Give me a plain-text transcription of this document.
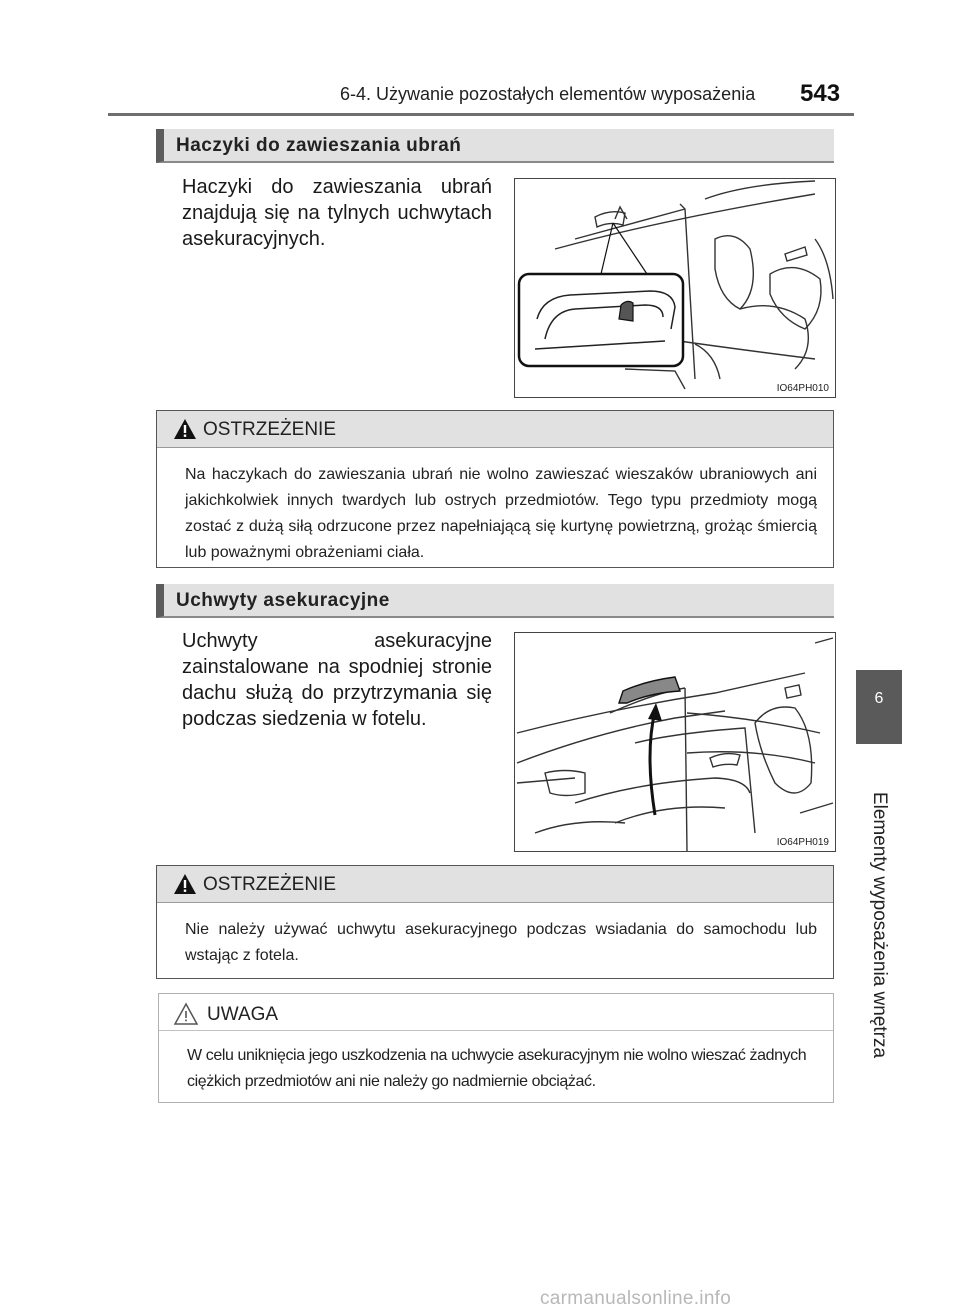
6-4. Używanie pozostałych elementów wyposażenia 543
6
Elementy wyposażenia wnętrza
Haczyki do zawieszania ubrań
Haczyki do zawieszania ubrań znajdują się na tylnych uchwytach asekuracyjnych.
IO64PH010
OSTRZEŻENIE
Na haczykach do zawieszania ubrań nie wolno zawieszać wieszaków ubraniowych ani jakichkolwiek innych twardych lub ostrych przedmiotów. Tego typu przedmioty mogą zostać z dużą siłą odrzucone przez napełniającą się kurtynę powietrzną, grożąc śmiercią lub poważnymi obrażeniami ciała.
Uchwyty asekuracyjne
Uchwyty asekuracyjne zainstalowane na spodniej stronie dachu służą do przytrzymania się podczas siedzenia w fotelu.
IO64PH019
OSTRZEŻENIE
Nie należy używać uchwytu asekuracyjnego podczas wsiadania do samochodu lub wstając z fotela.
UWAGA
W celu uniknięcia jego uszkodzenia na uchwycie asekuracyjnym nie wolno wieszać żadnych ciężkich przedmiotów ani nie należy go nadmiernie obciążać.
carmanualsonline.info
